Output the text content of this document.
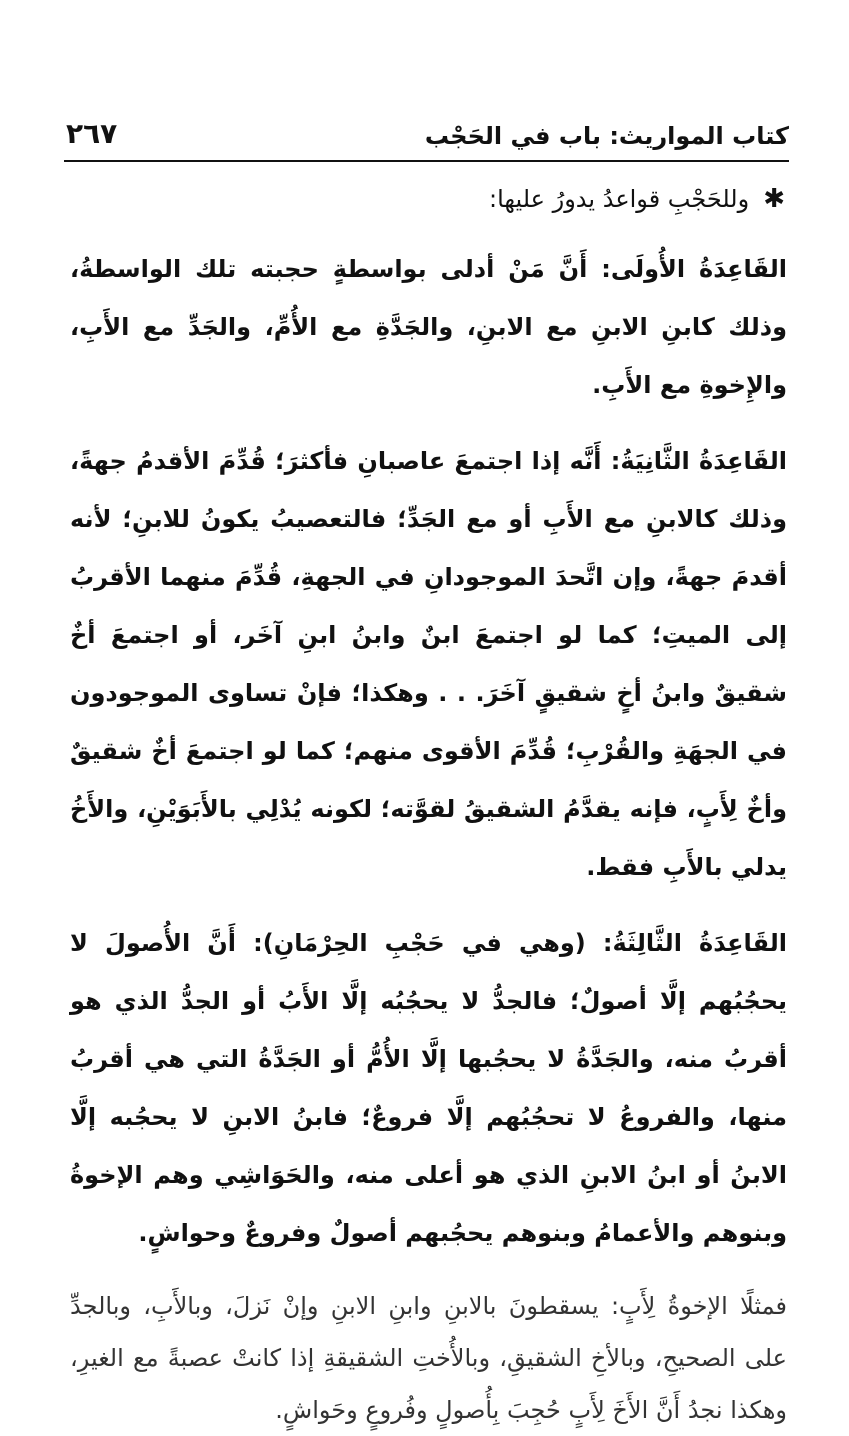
كتاب المواريث: باب في الحَجْب
٢٦٧

✱وللحَجْبِ قواعدُ يدورُ عليها:

القَاعِدَةُ الأُولَى: أَنَّ مَنْ أدلى بواسطةٍ حجبته تلك الواسطةُ، وذلك كابنِ الابنِ مع الابنِ، والجَدَّةِ مع الأُمِّ، والجَدِّ مع الأَبِ، والإِخوةِ مع الأَبِ.

القَاعِدَةُ الثَّانِيَةُ: أَنَّه إذا اجتمعَ عاصبانِ فأكثرَ؛ قُدِّمَ الأقدمُ جهةً، وذلك كالابنِ مع الأَبِ أو مع الجَدِّ؛ فالتعصيبُ يكونُ للابنِ؛ لأنه أقدمَ جهةً، وإن اتَّحدَ الموجودانِ في الجهةِ، قُدِّمَ منهما الأقربُ إلى الميتِ؛ كما لو اجتمعَ ابنٌ وابنُ ابنِ آخَر، أو اجتمعَ أخٌ شقيقٌ وابنُ أخٍ شقيقٍ آخَرَ. . . وهكذا؛ فإنْ تساوى الموجودون في الجهَةِ والقُرْبِ؛ قُدِّمَ الأقوى منهم؛ كما لو اجتمعَ أخٌ شقيقٌ وأخٌ لِأَبٍ، فإنه يقدَّمُ الشقيقُ لقوَّته؛ لكونه يُدْلِي بالأَبَوَيْنِ، والأَخُ يدلي بالأَبِ فقط.

القَاعِدَةُ الثَّالِثَةُ: (وهي في حَجْبِ الحِرْمَانِ): أَنَّ الأُصولَ لا يحجُبُهم إلَّا أصولٌ؛ فالجدُّ لا يحجُبُه إلَّا الأَبُ أو الجدُّ الذي هو أقربُ منه، والجَدَّةُ لا يحجُبها إلَّا الأُمُّ أو الجَدَّةُ التي هي أقربُ منها، والفروعُ لا تحجُبُهم إلَّا فروعٌ؛ فابنُ الابنِ لا يحجُبه إلَّا الابنُ أو ابنُ الابنِ الذي هو أعلى منه، والحَوَاشِي وهم الإخوةُ وبنوهم والأعمامُ وبنوهم يحجُبهم أصولٌ وفروعٌ وحواشٍ.

فمثلًا الإخوةُ لِأَبٍ: يسقطونَ بالابنِ وابنِ الابنِ وإنْ نَزلَ، وبالأَبِ، وبالجدِّ على الصحيحِ، وبالأخِ الشقيقِ، وبالأُختِ الشقيقةِ إذا كانتْ عصبةً مع الغيرِ، وهكذا نجدُ أَنَّ الأَخَ لِأَبٍ حُجِبَ بِأُصولٍ وفُروعٍ وحَواشٍ.
